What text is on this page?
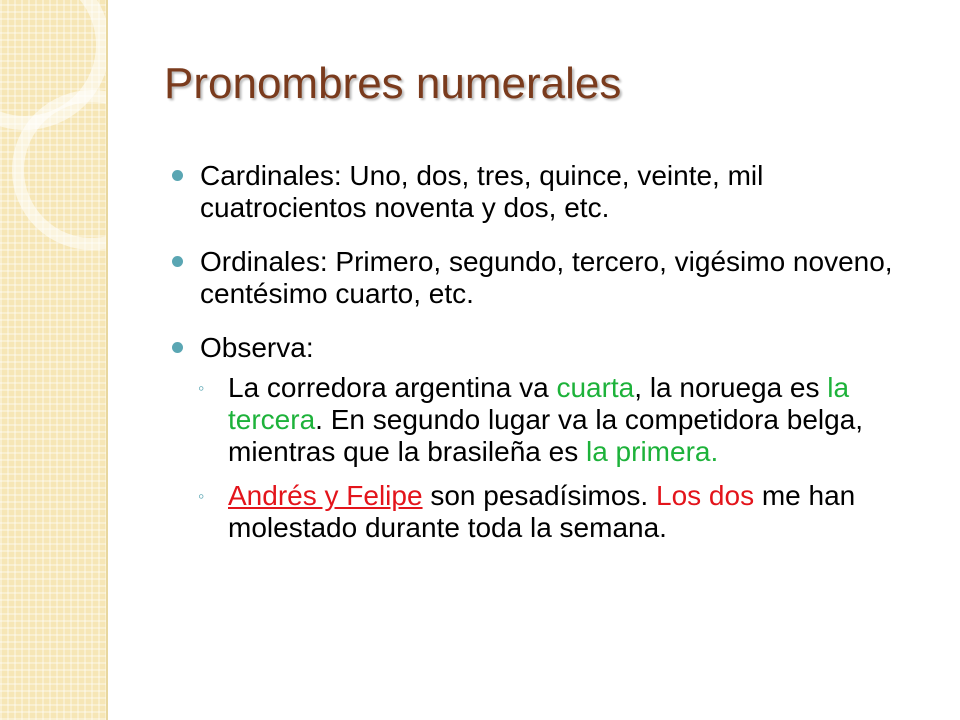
Pronombres numerales
Cardinales: Uno, dos, tres, quince, veinte, mil cuatrocientos noventa y dos, etc.
Ordinales: Primero, segundo, tercero, vigésimo noveno, centésimo cuarto, etc.
Observa:
◦ La corredora argentina va cuarta, la noruega es la tercera. En segundo lugar va la competidora belga, mientras que la brasileña es la primera.
◦ Andrés y Felipe son pesadísimos. Los dos me han molestado durante toda la semana.
